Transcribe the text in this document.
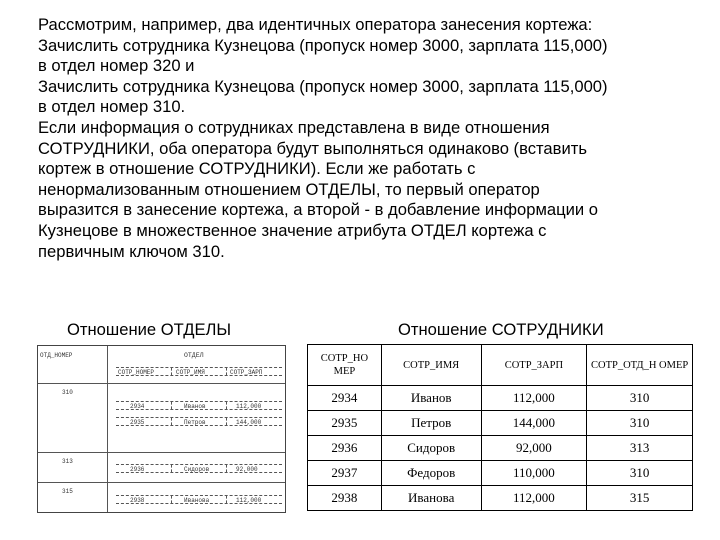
Рассмотрим, например, два идентичных оператора занесения кортежа:
Зачислить сотрудника Кузнецова (пропуск номер 3000, зарплата 115,000)
в отдел номер 320 и
Зачислить сотрудника Кузнецова (пропуск номер 3000, зарплата 115,000)
в отдел номер 310.
Если информация о сотрудниках представлена в виде отношения
СОТРУДНИКИ, оба оператора будут выполняться одинаково (вставить
кортеж в отношение СОТРУДНИКИ). Если же работать с
ненормализованным отношением ОТДЕЛЫ, то первый оператор
выразится в занесение кортежа, а второй - в добавление информации о
Кузнецове в множественное значение атрибута ОТДЕЛ кортежа с
первичным ключом 310.
Отношение ОТДЕЛЫ	Отношение СОТРУДНИКИ
ОТД_НОМЕР	ОТДЕЛ
СОТР_НОМЕР	СОТР_ИМЯ	СОТР_ЗАРП
310
2934	Иванов	112,000
2935	Петров	144,000
313
2936	Сидоров	92,000
315
2938	Иванова	112,000
СОТР_НО МЕР	СОТР_ИМЯ	СОТР_ЗАРП	СОТР_ОТД_Н ОМЕР
2934	Иванов	112,000	310
2935	Петров	144,000	310
2936	Сидоров	92,000	313
2937	Федоров	110,000	310
2938	Иванова	112,000	315
